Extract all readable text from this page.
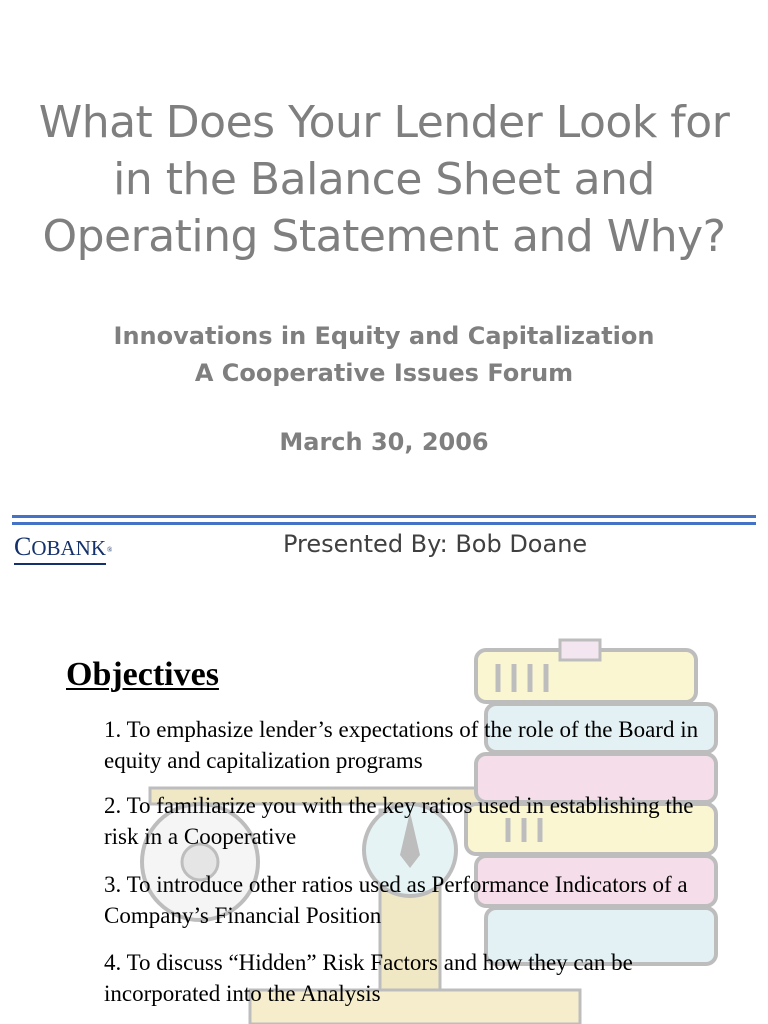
What Does Your Lender Look for
in the Balance Sheet and
Operating Statement and Why?
Innovations in Equity and Capitalization
A Cooperative Issues Forum
March 30, 2006
COBANK®	Presented By: Bob Doane
Objectives

1. To emphasize lender’s expectations of the role of the Board in equity and capitalization programs

2. To familiarize you with the key ratios used in establishing the risk in a Cooperative

3. To introduce other ratios used as Performance Indicators of a Company’s Financial Position

4. To discuss “Hidden” Risk Factors and how they can be incorporated into the Analysis
